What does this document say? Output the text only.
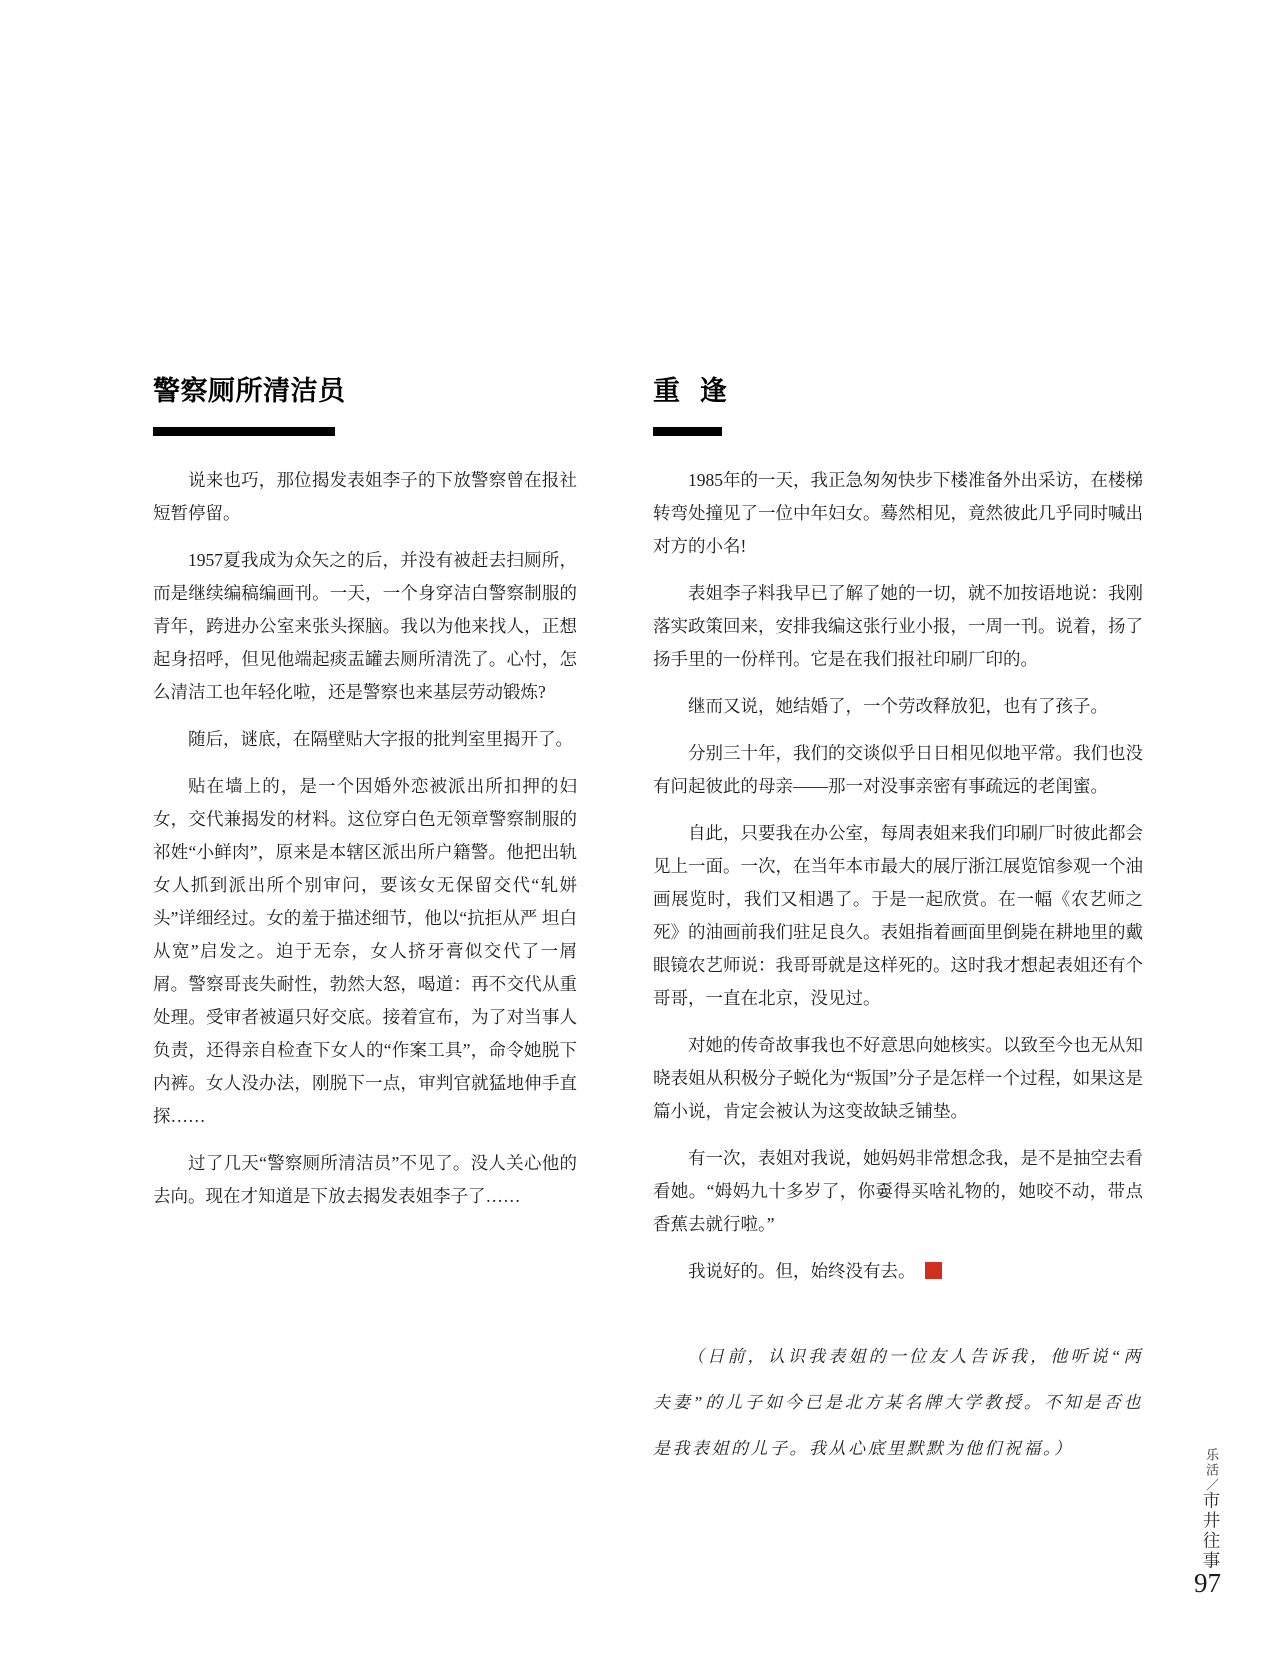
警察厕所清洁员

说来也巧，那位揭发表姐李子的下放警察曾在报社短暂停留。

1957夏我成为众矢之的后，并没有被赶去扫厕所，而是继续编稿编画刊。一天，一个身穿洁白警察制服的青年，跨进办公室来张头探脑。我以为他来找人，正想起身招呼，但见他端起痰盂罐去厕所清洗了。心忖，怎么清洁工也年轻化啦，还是警察也来基层劳动锻炼?

随后，谜底，在隔壁贴大字报的批判室里揭开了。

贴在墙上的，是一个因婚外恋被派出所扣押的妇女，交代兼揭发的材料。这位穿白色无领章警察制服的祁姓“小鲜肉”，原来是本辖区派出所户籍警。他把出轨女人抓到派出所个别审问，要该女无保留交代“轧姘头”详细经过。女的羞于描述细节，他以“抗拒从严 坦白从宽”启发之。迫于无奈，女人挤牙膏似交代了一屑屑。警察哥丧失耐性，勃然大怒，喝道：再不交代从重处理。受审者被逼只好交底。接着宣布，为了对当事人负责，还得亲自检查下女人的“作案工具”，命令她脱下内裤。女人没办法，刚脱下一点，审判官就猛地伸手直探……

过了几天“警察厕所清洁员”不见了。没人关心他的去向。现在才知道是下放去揭发表姐李子了……

重 逢

1985年的一天，我正急匆匆快步下楼准备外出采访，在楼梯转弯处撞见了一位中年妇女。蓦然相见，竟然彼此几乎同时喊出对方的小名!

表姐李子料我早已了解了她的一切，就不加按语地说：我刚落实政策回来，安排我编这张行业小报，一周一刊。说着，扬了扬手里的一份样刊。它是在我们报社印刷厂印的。

继而又说，她结婚了，一个劳改释放犯，也有了孩子。

分别三十年，我们的交谈似乎日日相见似地平常。我们也没有问起彼此的母亲——那一对没事亲密有事疏远的老闺蜜。

自此，只要我在办公室，每周表姐来我们印刷厂时彼此都会见上一面。一次，在当年本市最大的展厅浙江展览馆参观一个油画展览时，我们又相遇了。于是一起欣赏。在一幅《农艺师之死》的油画前我们驻足良久。表姐指着画面里倒毙在耕地里的戴眼镜农艺师说：我哥哥就是这样死的。这时我才想起表姐还有个哥哥，一直在北京，没见过。

对她的传奇故事我也不好意思向她核实。以致至今也无从知晓表姐从积极分子蜕化为“叛国”分子是怎样一个过程，如果这是篇小说，肯定会被认为这变故缺乏铺垫。

有一次，表姐对我说，她妈妈非常想念我，是不是抽空去看看她。“姆妈九十多岁了，你嫑得买啥礼物的，她咬不动，带点香蕉去就行啦。”

我说好的。但，始终没有去。

（日前，认识我表姐的一位友人告诉我，他听说“两夫妻”的儿子如今已是北方某名牌大学教授。不知是否也是我表姐的儿子。我从心底里默默为他们祝福。）	乐活／市井往事
97
